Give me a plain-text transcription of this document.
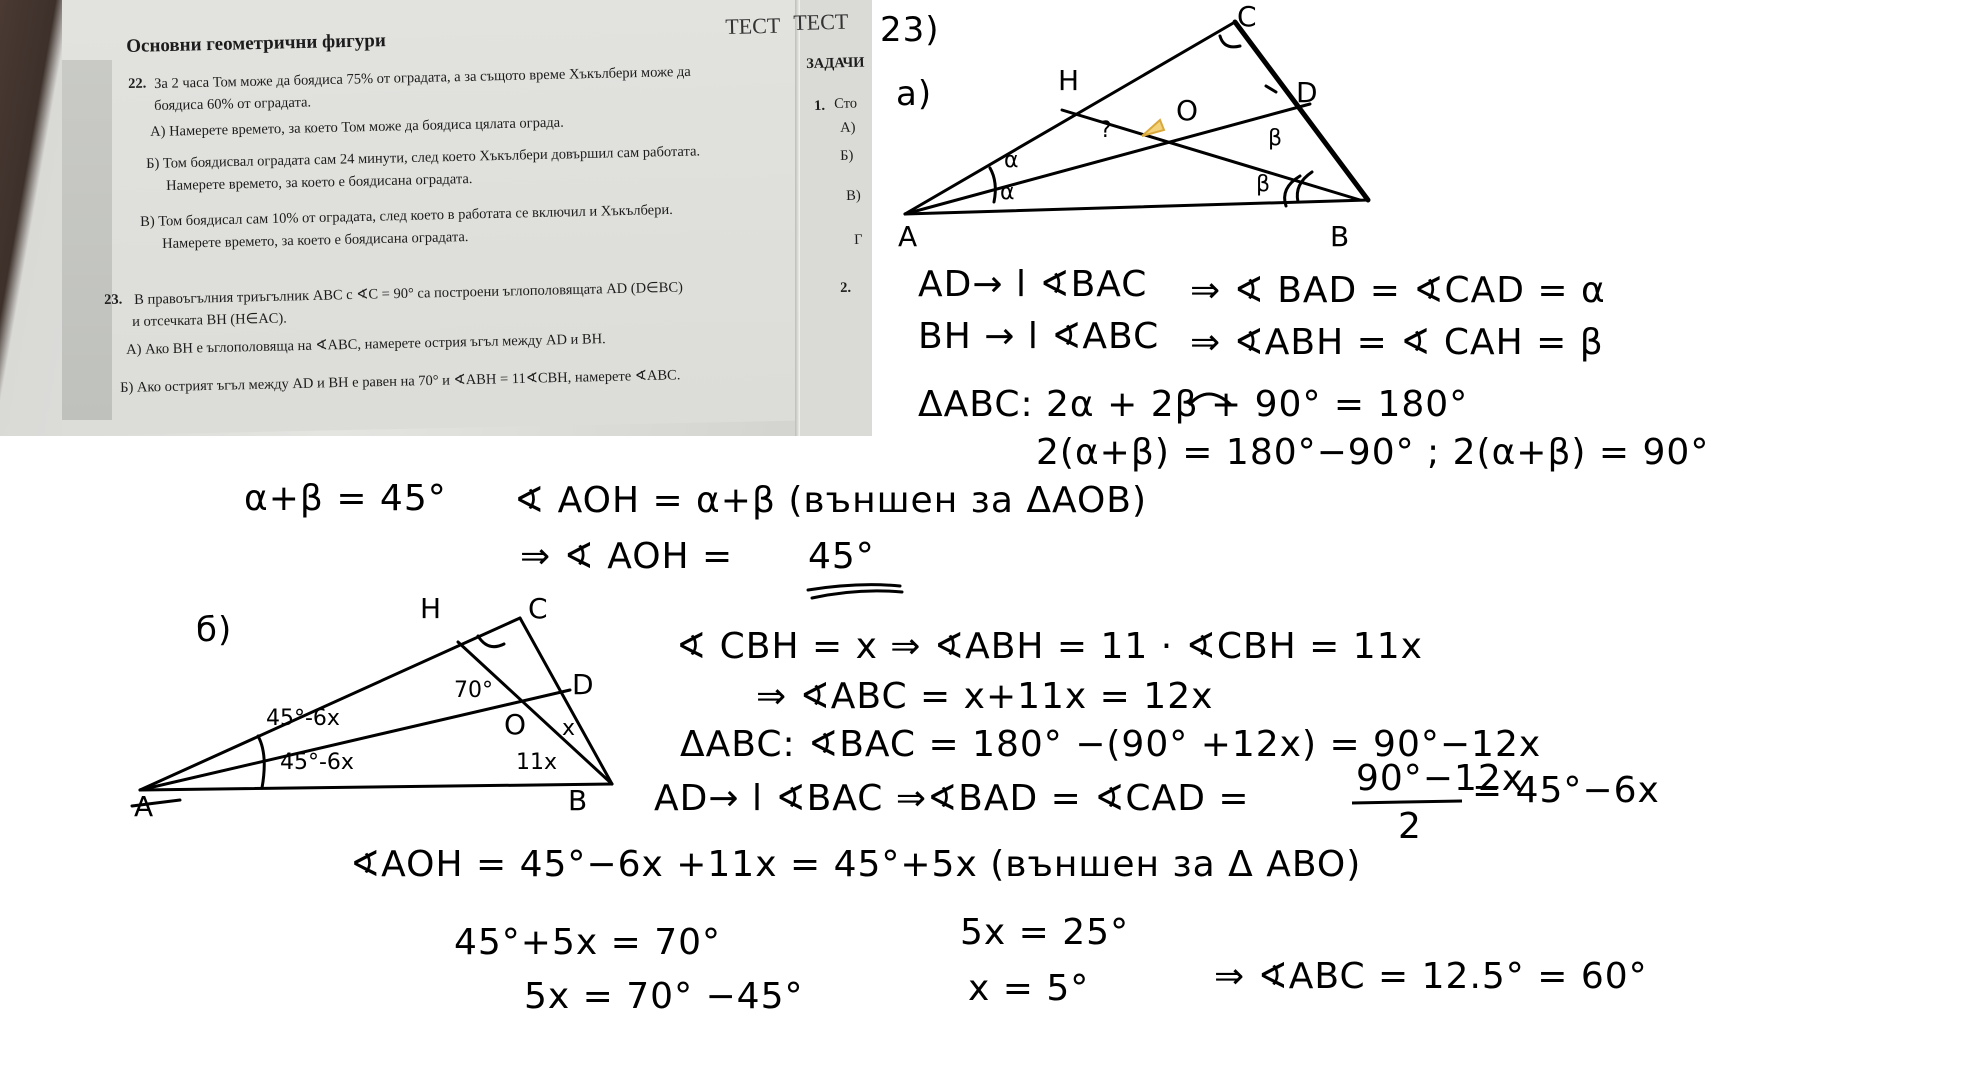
ТЕСТ ТЕСТ
Основни геометрични фигури
ЗАДАЧИ
1. Сто
А)
Б)
В)
Г
2.
22. За 2 часа Том може да боядиса 75% от оградата, а за същото време Хъкълбери може да
боядиса 60% от оградата.
А) Намерете времето, за което Том може да боядиса цялата ограда.
Б) Том боядисвал оградата сам 24 минути, след което Хъкълбери довършил сам работата.
Намерете времето, за което е боядисана оградата.
В) Том боядисал сам 10% от оградата, след което в работата се включил и Хъкълбери.
Намерете времето, за което е боядисана оградата.
23. В правоъгълния триъгълник ABC с ∢C = 90° са построени ъглополовящата AD (D∈BC)
и отсечката BH (H∈AC).
А) Ако BH е ъглополовяща на ∢ABC, намерете острия ъгъл между AD и BH.
Б) Ако острият ъгъл между AD и BH е равен на 70° и ∢ABH = 11∢CBH, намерете ∢ABC.
23)
a)
C
H	D
O
A	B
α
α
β
β
?
AD→ l ∢BAC ⇒ ∢ BAD = ∢CAD = α
BH → l ∢ABC ⇒ ∢ABH = ∢ CAH = β
ΔABC: 2α + 2β + 90° = 180°
2(α+β) = 180°−90° ; 2(α+β) = 90°
α+β = 45° ∢ AOH = α+β (външен за ΔAOB)
⇒ ∢ AOH = 45°
б)
H	C
D
O
A	B
70°
45°-6x
45°-6x
x
11x
∢ CBH = x ⇒ ∢ABH = 11 · ∢CBH = 11x
⇒ ∢ABC = x+11x = 12x
ΔABC: ∢BAC = 180° −(90° +12x) = 90°−12x
AD→ l ∢BAC ⇒∢BAD = ∢CAD =	90°−12x
2
= 45°−6x
∢AOH = 45°−6x +11x = 45°+5x (външен за Δ ABO)
45°+5x = 70°
5x = 70° −45°
5x = 25°
x = 5°	⇒ ∢ABC = 12.5° = 60°
